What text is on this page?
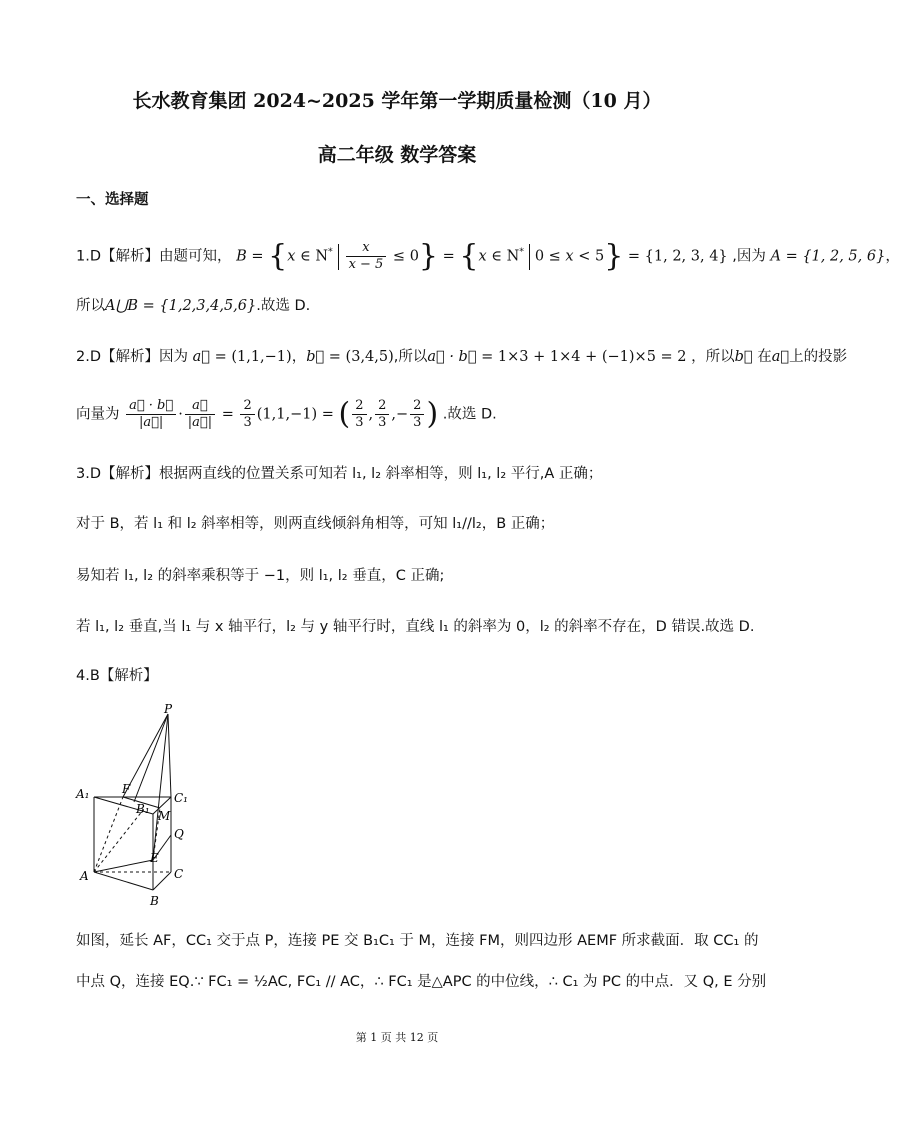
长水教育集团 2024~2025 学年第一学期质量检测（10 月）
高二年级 数学答案
一、选择题
1.D【解析】由题可知， B = {x ∈ $N^* \frac{x}{x - 5} \le 0\} = \{x$ ∈ N* 0 ≤ x < 5} = {1, 2, 3, 4} ,因为 A = {1, 2, 5, 6}，
所以A⋃B = {1,2,3,4,5,6}.故选 D.
2.D【解析】因为 a⃗ = (1,1,−1)，b⃗ = (3,4,5),所以a⃗ · b⃗ = 1×3 + 1×4 + (−1)×5 = 2 ，所以b⃗ 在a⃗上的投影
向量为 $\frac{a⃗ \cdot b⃗}{|a⃗|} \cdot \frac{a⃗}{|a⃗|} = \frac{2}{3} (1,1,-1)$ = ( $\frac{2}{3}$ , $\frac{2}{3}$ ,− $\frac{2}{3}$ ) .故选 D.
3.D【解析】根据两直线的位置关系可知若 l₁, l₂ 斜率相等，则 l₁, l₂ 平行,A 正确；
对于 B，若 l₁ 和 l₂ 斜率相等，则两直线倾斜角相等，可知 l₁//l₂，B 正确；
易知若 l₁, l₂ 的斜率乘积等于 −1，则 l₁, l₂ 垂直，C 正确;
若 l₁, l₂ 垂直,当 l₁ 与 x 轴平行，l₂ 与 y 轴平行时，直线 l₁ 的斜率为 0，l₂ 的斜率不存在，D 错误.故选 D.
4.B【解析】
P
A₁	F
B₁
C₁
M
Q
E
A	C
B
如图，延长 AF，CC₁ 交于点 P，连接 PE 交 B₁C₁ 于 M，连接 FM，则四边形 AEMF 所求截面．取 CC₁ 的
中点 Q，连接 EQ.∵ FC₁ = ½AC, FC₁ // AC，∴ FC₁ 是△APC 的中位线，∴ C₁ 为 PC 的中点．又 Q, E 分别
第 1 页 共 12 页
